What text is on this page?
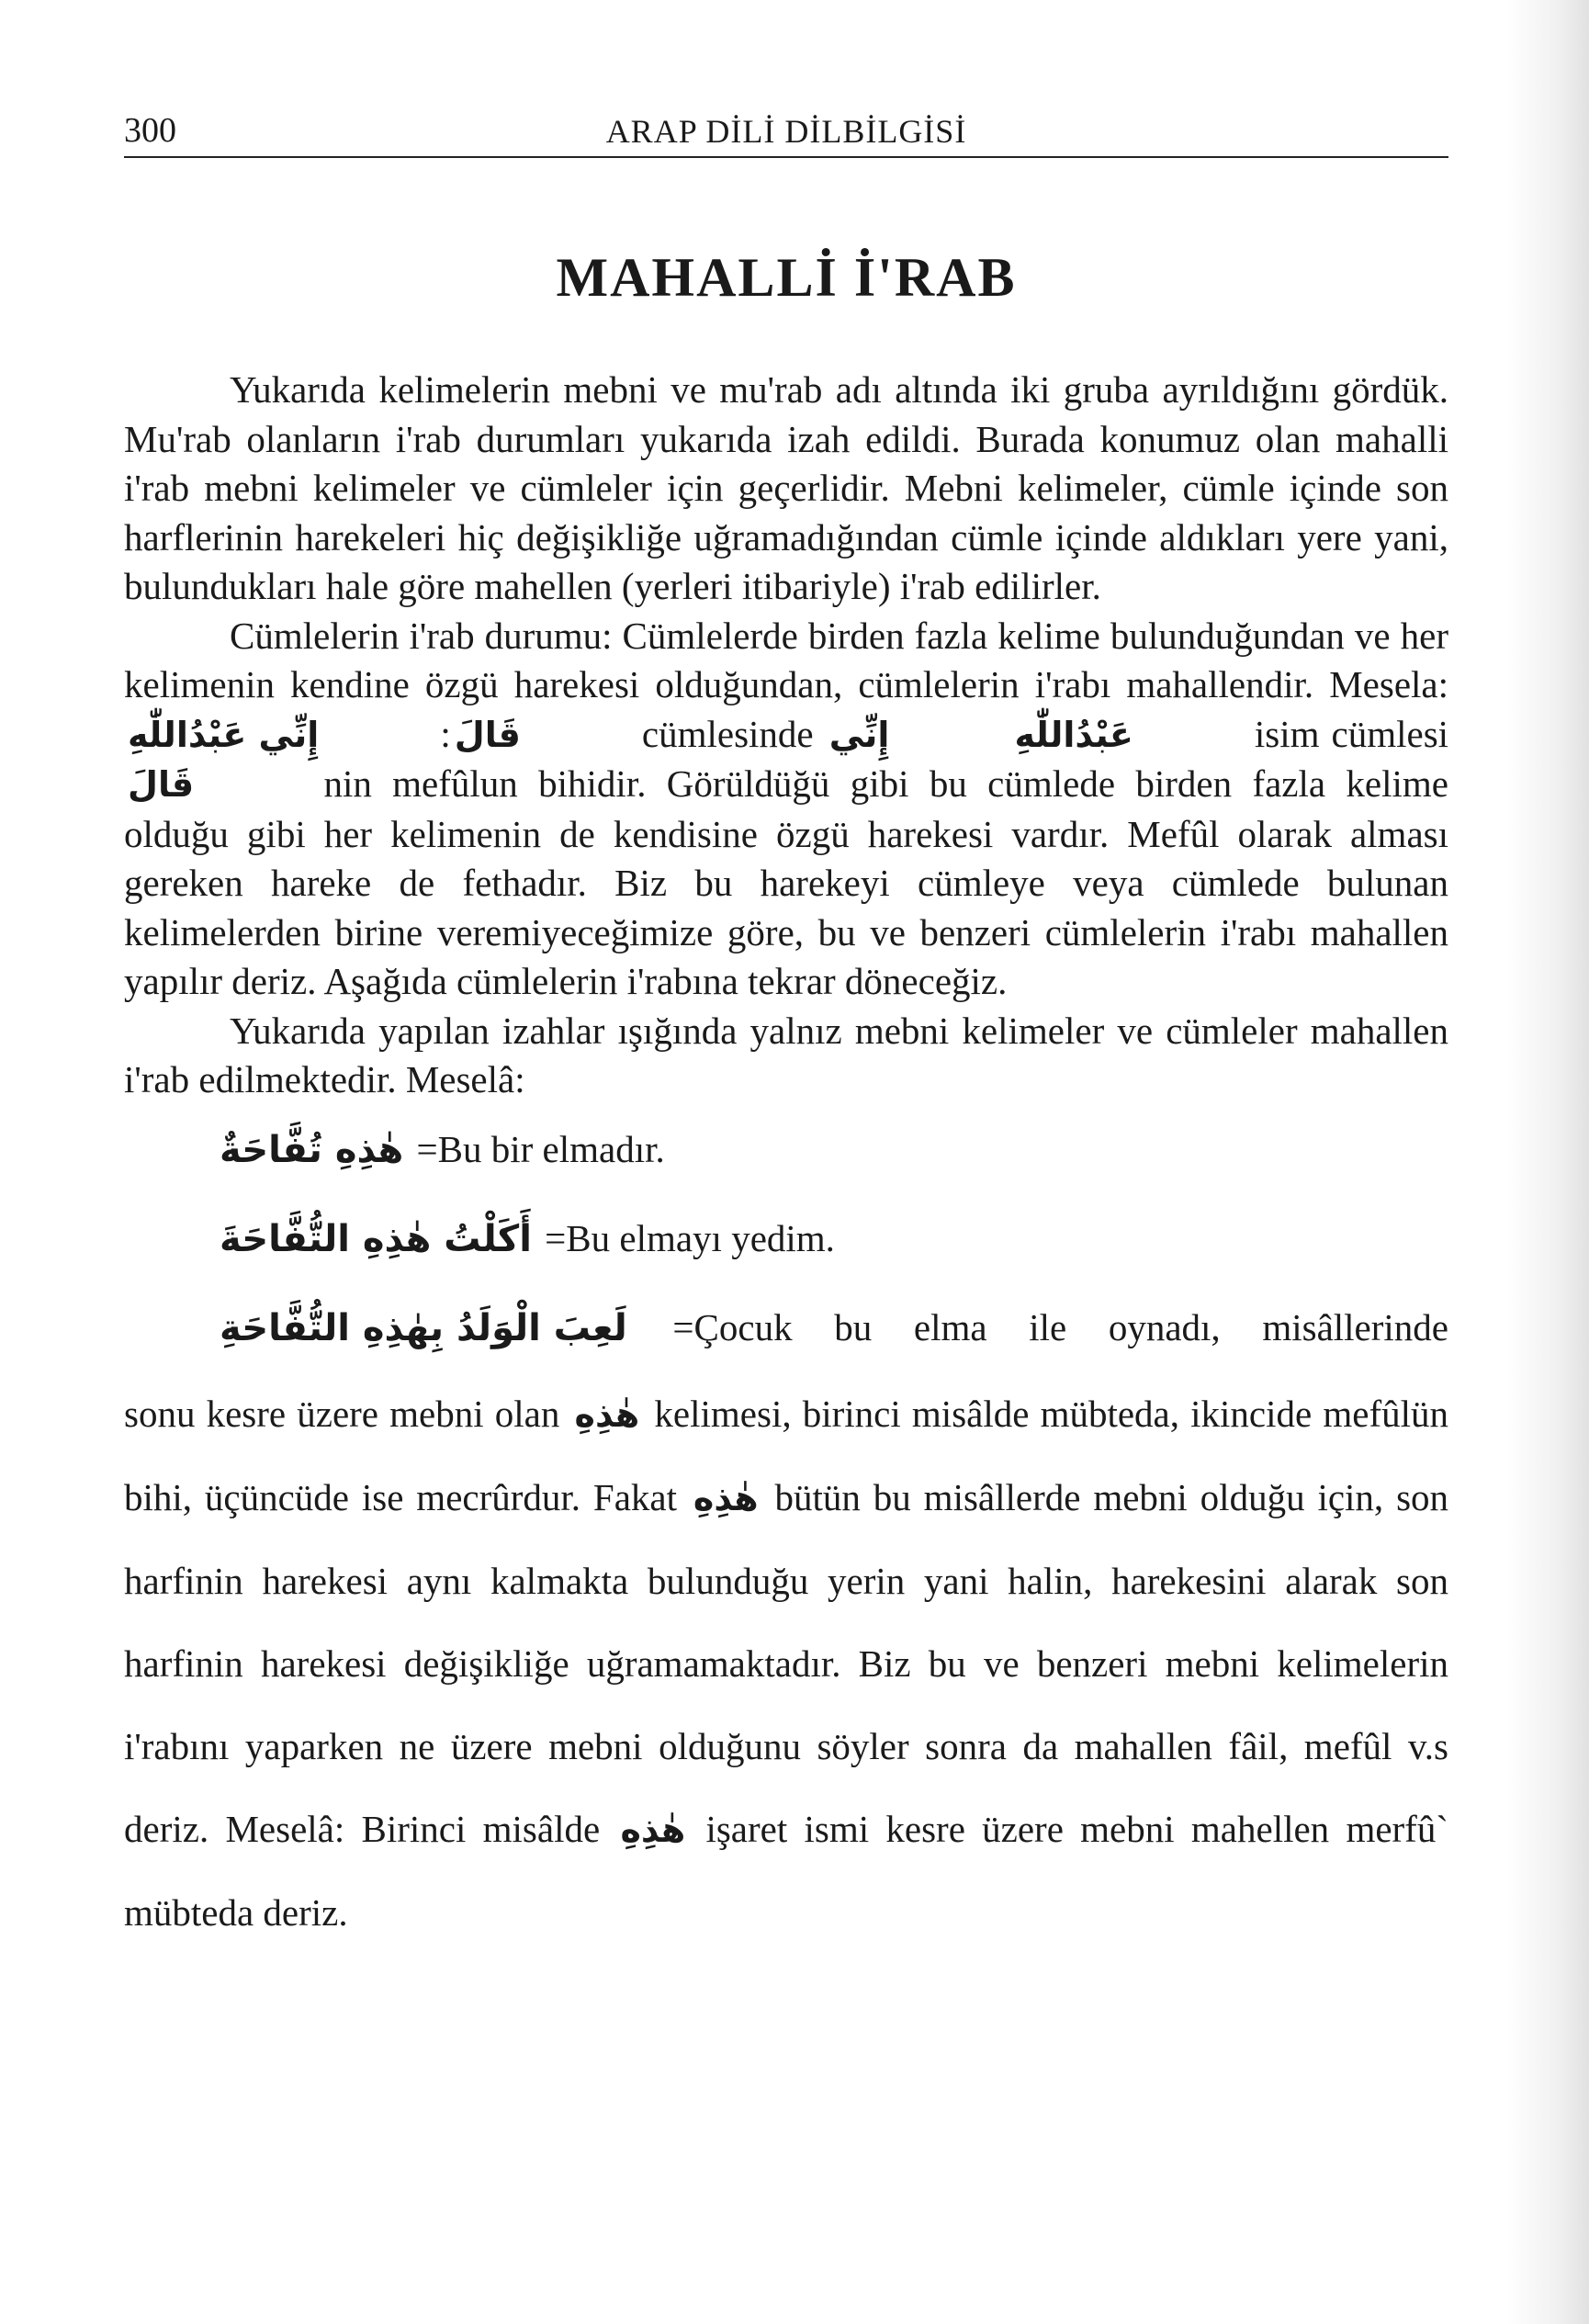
300	ARAP DİLİ DİLBİLGİSİ
MAHALLİ İ'RAB

Yukarıda kelimelerin mebni ve mu'rab adı altında iki gruba ayrıldığını gördük. Mu'rab olanların i'rab durumları yukarıda izah edildi. Burada konumuz olan mahalli i'rab mebni kelimeler ve cümleler için geçerlidir. Mebni kelimeler, cümle içinde son harflerinin harekeleri hiç değişikliğe uğramadığından cümle içinde aldıkları yere yani, bulundukları hale göre mahellen (yerleri itibariyle) i'rab edilirler.

Cümlelerin i'rab durumu: Cümlelerde birden fazla kelime bulunduğundan ve her kelimenin kendine özgü harekesi olduğundan, cümlelerin i'rabı mahallendir. Mesela: إِنِّي عَبْدُاللّٰهِ	: قَالَ	cümlesinde إِنِّي	عَبْدُاللّٰهِ	isim cümlesi قَالَ	nin mefûlun bihidir. Görüldüğü gibi bu cümlede birden fazla kelime olduğu gibi her kelimenin de kendisine özgü harekesi vardır. Mefûl olarak alması gereken hareke de fethadır. Biz bu harekeyi cümleye veya cümlede bulunan kelimelerden birine veremiyeceğimize göre, bu ve benzeri cümlelerin i'rabı mahallen yapılır deriz. Aşağıda cümlelerin i'rabına tekrar döneceğiz.

Yukarıda yapılan izahlar ışığında yalnız mebni kelimeler ve cümleler mahallen i'rab edilmektedir. Meselâ:

هٰذِهِ تُفَّاحَةٌ =Bu bir elmadır.
أَكَلْتُ هٰذِهِ التُّفَّاحَةَ =Bu elmayı yedim.
لَعِبَ الْوَلَدُ بِهٰذِهِ التُّفَّاحَةِ =Çocuk bu elma ile oynadı, misâllerinde

sonu kesre üzere mebni olan هٰذِهِ kelimesi, birinci misâlde mübteda, ikincide mefûlün bihi, üçüncüde ise mecrûrdur. Fakat هٰذِهِ bütün bu misâllerde mebni olduğu için, son harfinin harekesi aynı kalmakta bulunduğu yerin yani halin, harekesini alarak son harfinin harekesi değişikliğe uğramamaktadır. Biz bu ve benzeri mebni kelimelerin i'rabını yaparken ne üzere mebni olduğunu söyler sonra da mahallen fâil, mefûl v.s deriz. Meselâ: Birinci misâlde هٰذِهِ işaret ismi kesre üzere mebni mahellen merfû` mübteda deriz.
